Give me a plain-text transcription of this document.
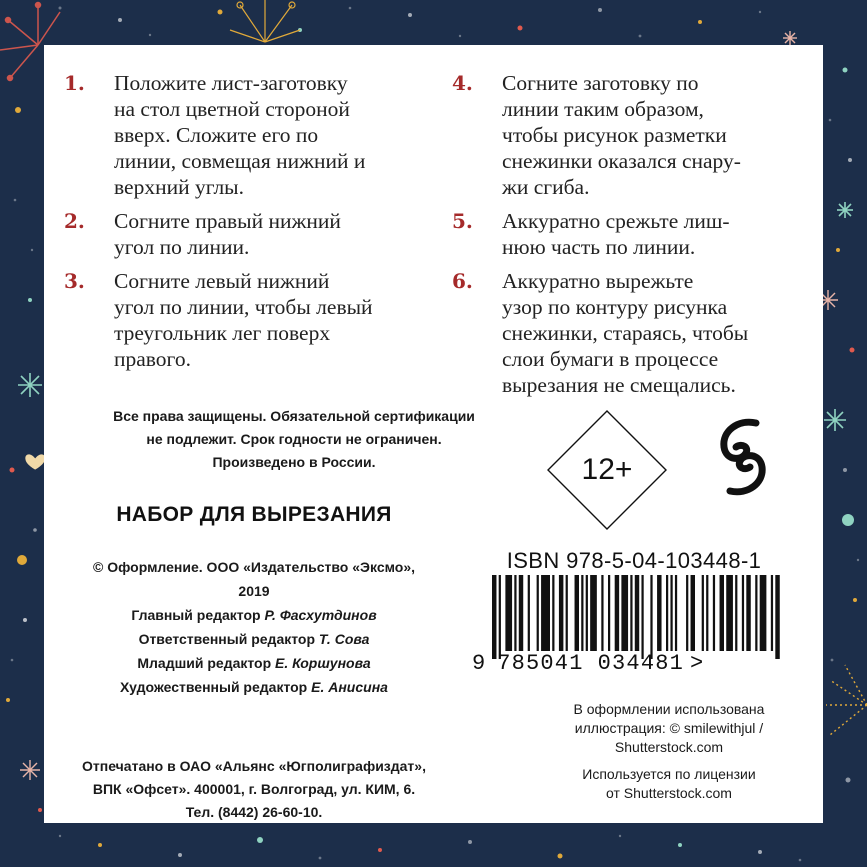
1. Положите лист-заготовку
на стол цветной стороной
вверх. Сложите его по
линии, совмещая нижний и
верхний углы.
2. Согните правый нижний
угол по линии.
3. Согните левый нижний
угол по линии, чтобы левый
треугольник лег поверх
правого.
4. Согните заготовку по
линии таким образом,
чтобы рисунок разметки
снежинки оказался снару-
жи сгиба.
5. Аккуратно срежьте лиш-
нюю часть по линии.
6. Аккуратно вырежьте
узор по контуру рисунка
снежинки, стараясь, чтобы
слои бумаги в процессе
вырезания не смещались.
Все права защищены. Обязательной сертификации
не подлежит. Срок годности не ограничен.
Произведено в России.
НАБОР ДЛЯ ВЫРЕЗАНИЯ
© Оформление. ООО «Издательство «Эксмо»,
2019
Главный редактор Р. Фасхутдинов
Ответственный редактор Т. Сова
Младший редактор Е. Коршунова
Художественный редактор Е. Анисина
Отпечатано в ОАО «Альянс «Югполиграфиздат»,
ВПК «Офсет». 400001, г. Волгоград, ул. КИМ, 6.
Тел. (8442) 26-60-10.
12+
ISBN 978-5-04-103448-1
9 785041 034481 >
В оформлении использована
иллюстрация: © smilewithjul /
Shutterstock.com
Используется по лицензии
от Shutterstock.com
